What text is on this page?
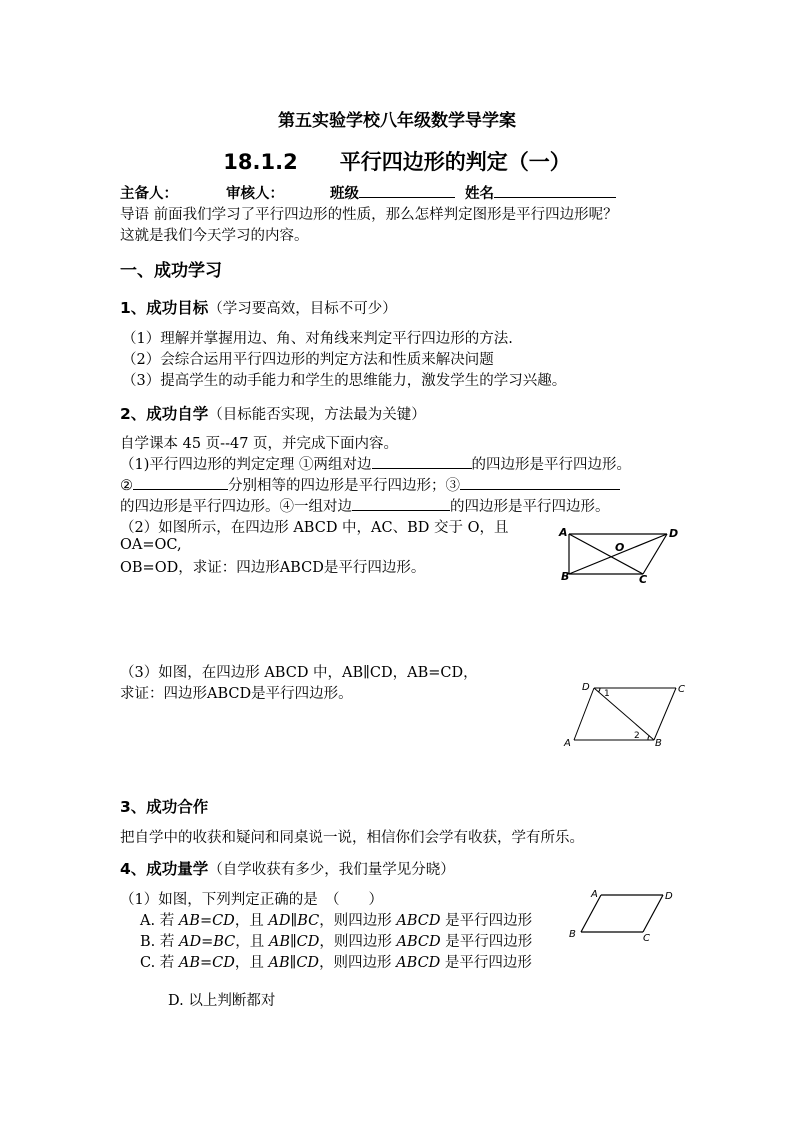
第五实验学校八年级数学导学案
18.1.2　　平行四边形的判定（一）
主备人：	审核人：	班级	姓名
导语 前面我们学习了平行四边形的性质，那么怎样判定图形是平行四边形呢？
这就是我们今天学习的内容。
一、成功学习
1、成功目标（学习要高效，目标不可少）
（1）理解并掌握用边、角、对角线来判定平行四边形的方法.
（2）会综合运用平行四边形的判定方法和性质来解决问题
（3）提高学生的动手能力和学生的思维能力，激发学生的学习兴趣。
2、成功自学（目标能否实现，方法最为关键）
自学课本 45 页--47 页，并完成下面内容。
（1)平行四边形的判定定理 ①两组对边	的四边形是平行四边形。
②	分别相等的四边形是平行四边形；③
的四边形是平行四边形。④一组对边	的四边形是平行四边形。
（2）如图所示，在四边形 ABCD 中，AC、BD 交于 O，且
OA=OC,
OB=OD，求证：四边形ABCD是平行四边形。
A	D
B	C
O
（3）如图，在四边形 ABCD 中，AB∥CD，AB=CD，
求证：四边形ABCD是平行四边形。	D	C
A	B
1
2
3、成功合作
把自学中的收获和疑问和同桌说一说，相信你们会学有收获，学有所乐。
4、成功量学（自学收获有多少，我们量学见分晓）
（1）如图，下列判定正确的是　（　　）
A. 若 AB=CD，且 AD∥BC，则四边形 ABCD 是平行四边形
B. 若 AD=BC，且 AB∥CD，则四边形 ABCD 是平行四边形
C. 若 AB=CD，且 AB∥CD，则四边形 ABCD 是平行四边形
D. 以上判断都对
A	D
B	C
